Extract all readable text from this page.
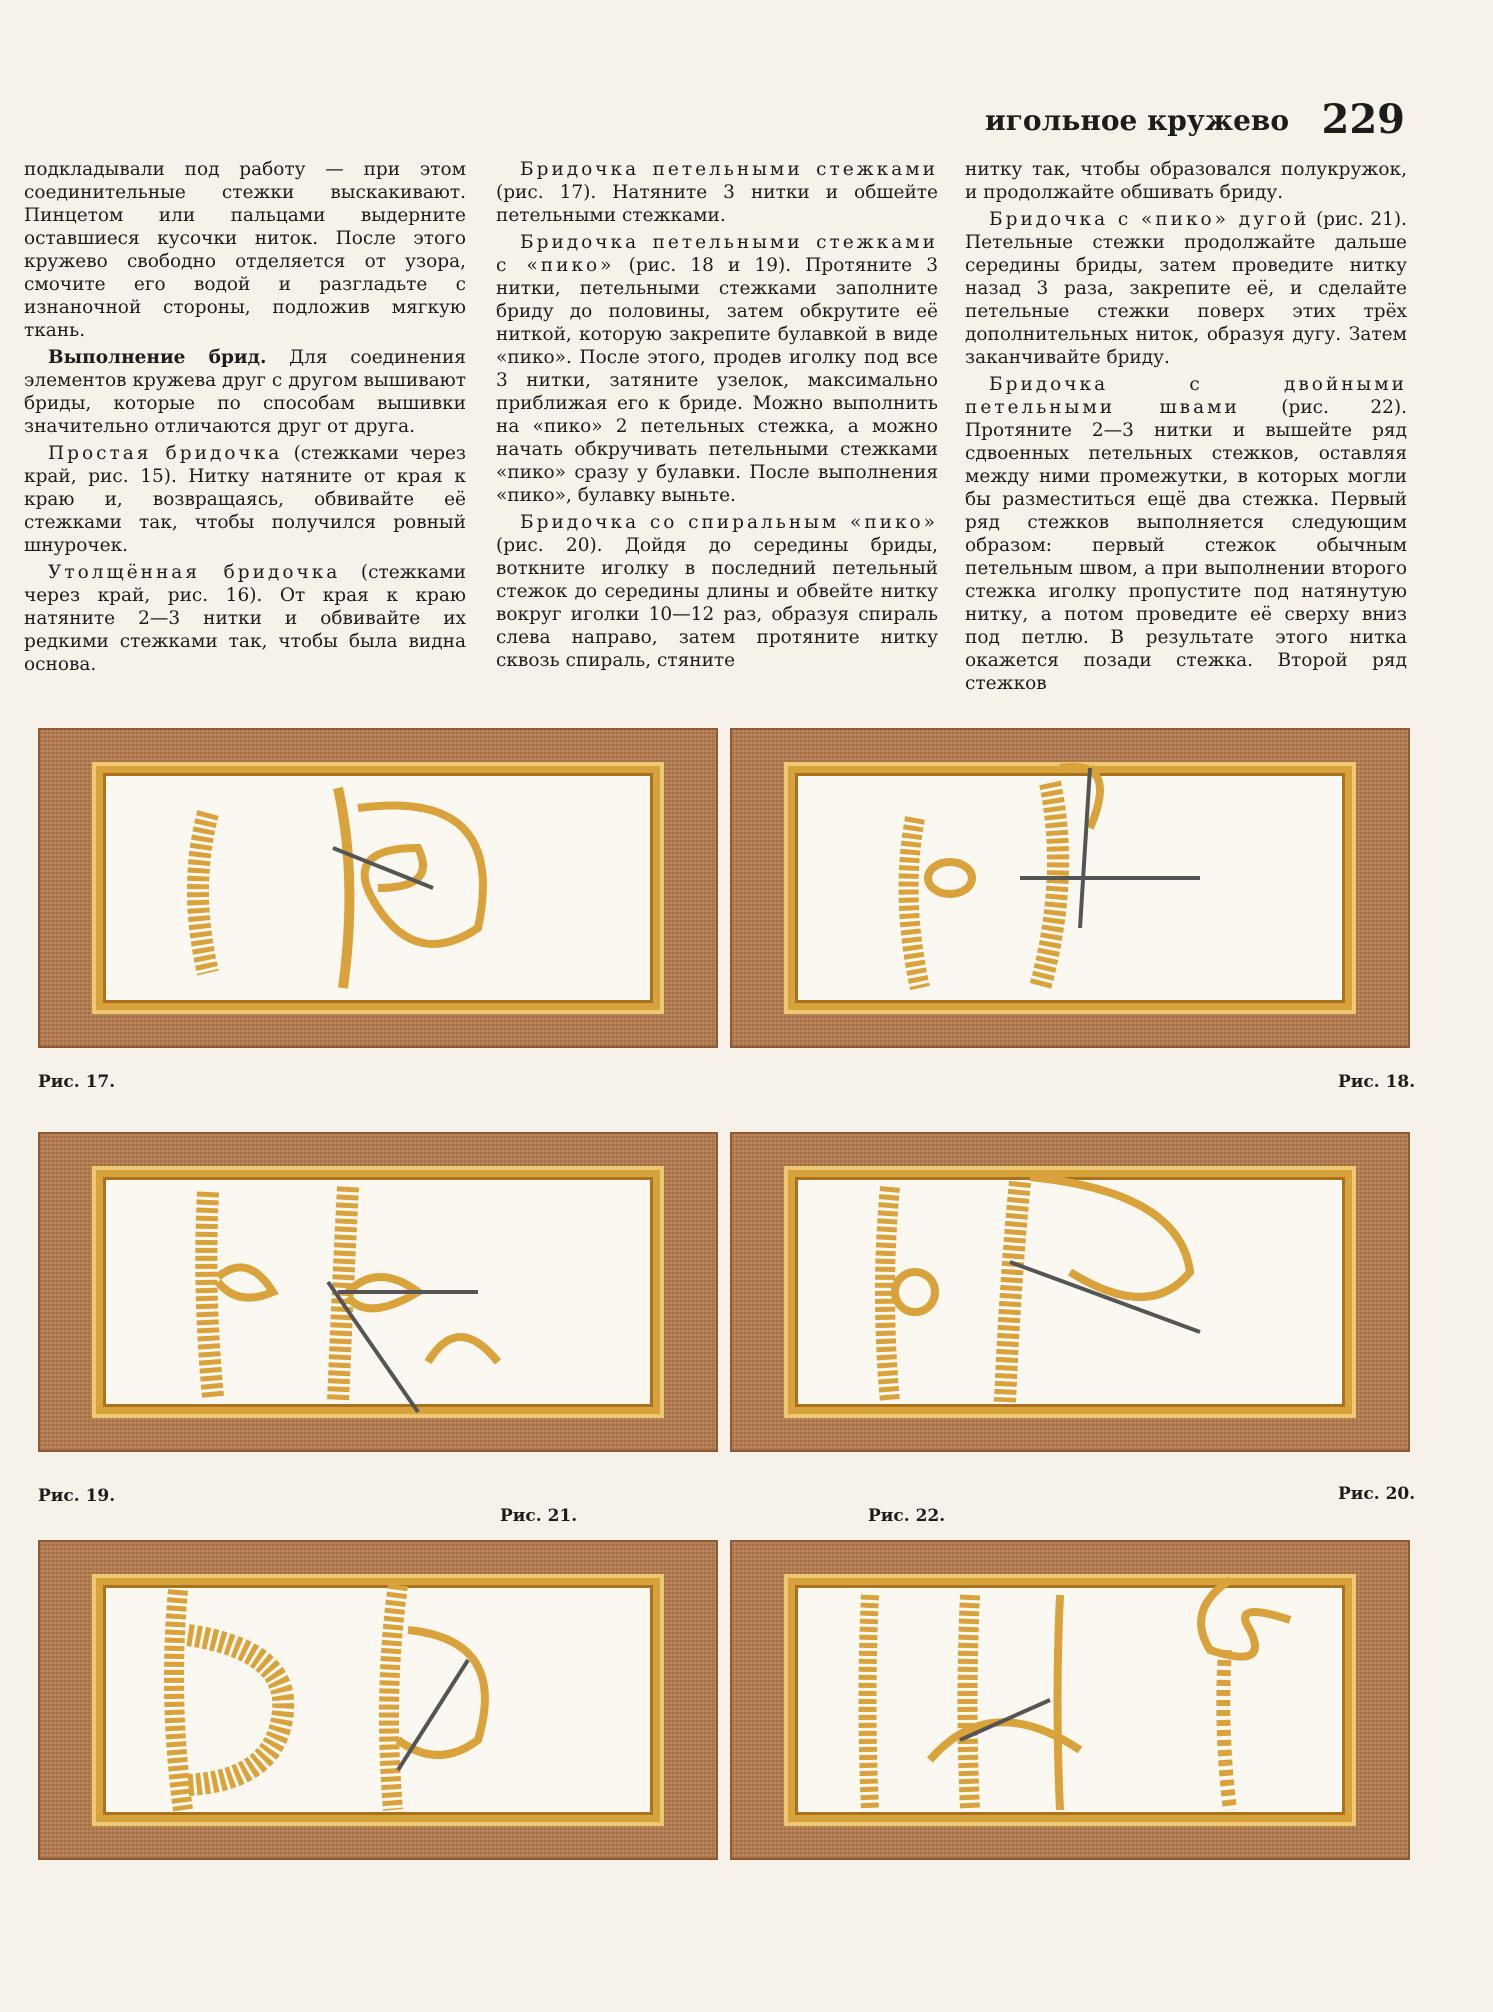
игольное кружево 229

подкладывали под работу — при этом соединительные стежки выскакивают. Пинцетом или пальцами выдерните оставшиеся кусочки ниток. После этого кружево свободно отделяется от узора, смочите его водой и разгладьте с изнаночной стороны, подложив мягкую ткань.

Выполнение брид. Для соединения элементов кружева друг с другом вышивают бриды, которые по способам вышивки значительно отличаются друг от друга.

Простая бридочка (стежками через край, рис. 15). Нитку натяните от края к краю и, возвращаясь, обвивайте её стежками так, чтобы получился ровный шнурочек.

Утолщённая бридочка (стежками через край, рис. 16). От края к краю натяните 2—3 нитки и обвивайте их редкими стежками так, чтобы была видна основа.

Бридочка петельными стежками (рис. 17). Натяните 3 нитки и обшейте петельными стежками.

Бридочка петельными стежками с «пико» (рис. 18 и 19). Протяните 3 нитки, петельными стежками заполните бриду до половины, затем обкрутите её ниткой, которую закрепите булавкой в виде «пико». После этого, продев иголку под все 3 нитки, затяните узелок, максимально приближая его к бриде. Можно выполнить на «пико» 2 петельных стежка, а можно начать обкручивать петельными стежками «пико» сразу у булавки. После выполнения «пико», булавку выньте.

Бридочка со спиральным «пико» (рис. 20). Дойдя до середины бриды, воткните иголку в последний петельный стежок до середины длины и обвейте нитку вокруг иголки 10—12 раз, образуя спираль слева направо, затем протяните нитку сквозь спираль, стяните

нитку так, чтобы образовался полукружок, и продолжайте обшивать бриду.

Бридочка с «пико» дугой (рис. 21). Петельные стежки продолжайте дальше середины бриды, затем проведите нитку назад 3 раза, закрепите её, и сделайте петельные стежки поверх этих трёх дополнительных ниток, образуя дугу. Затем заканчивайте бриду.

Бридочка с двойными петельными швами (рис. 22). Протяните 2—3 нитки и вышейте ряд сдвоенных петельных стежков, оставляя между ними промежутки, в которых могли бы разместиться ещё два стежка. Первый ряд стежков выполняется следующим образом: первый стежок обычным петельным швом, а при выполнении второго стежка иголку пропустите под натянутую нитку, а потом проведите её сверху вниз под петлю. В результате этого нитка окажется позади стежка. Второй ряд стежков

Рис. 17.	Рис. 18.
Рис. 19.	Рис. 20.
Рис. 21.	Рис. 22.
